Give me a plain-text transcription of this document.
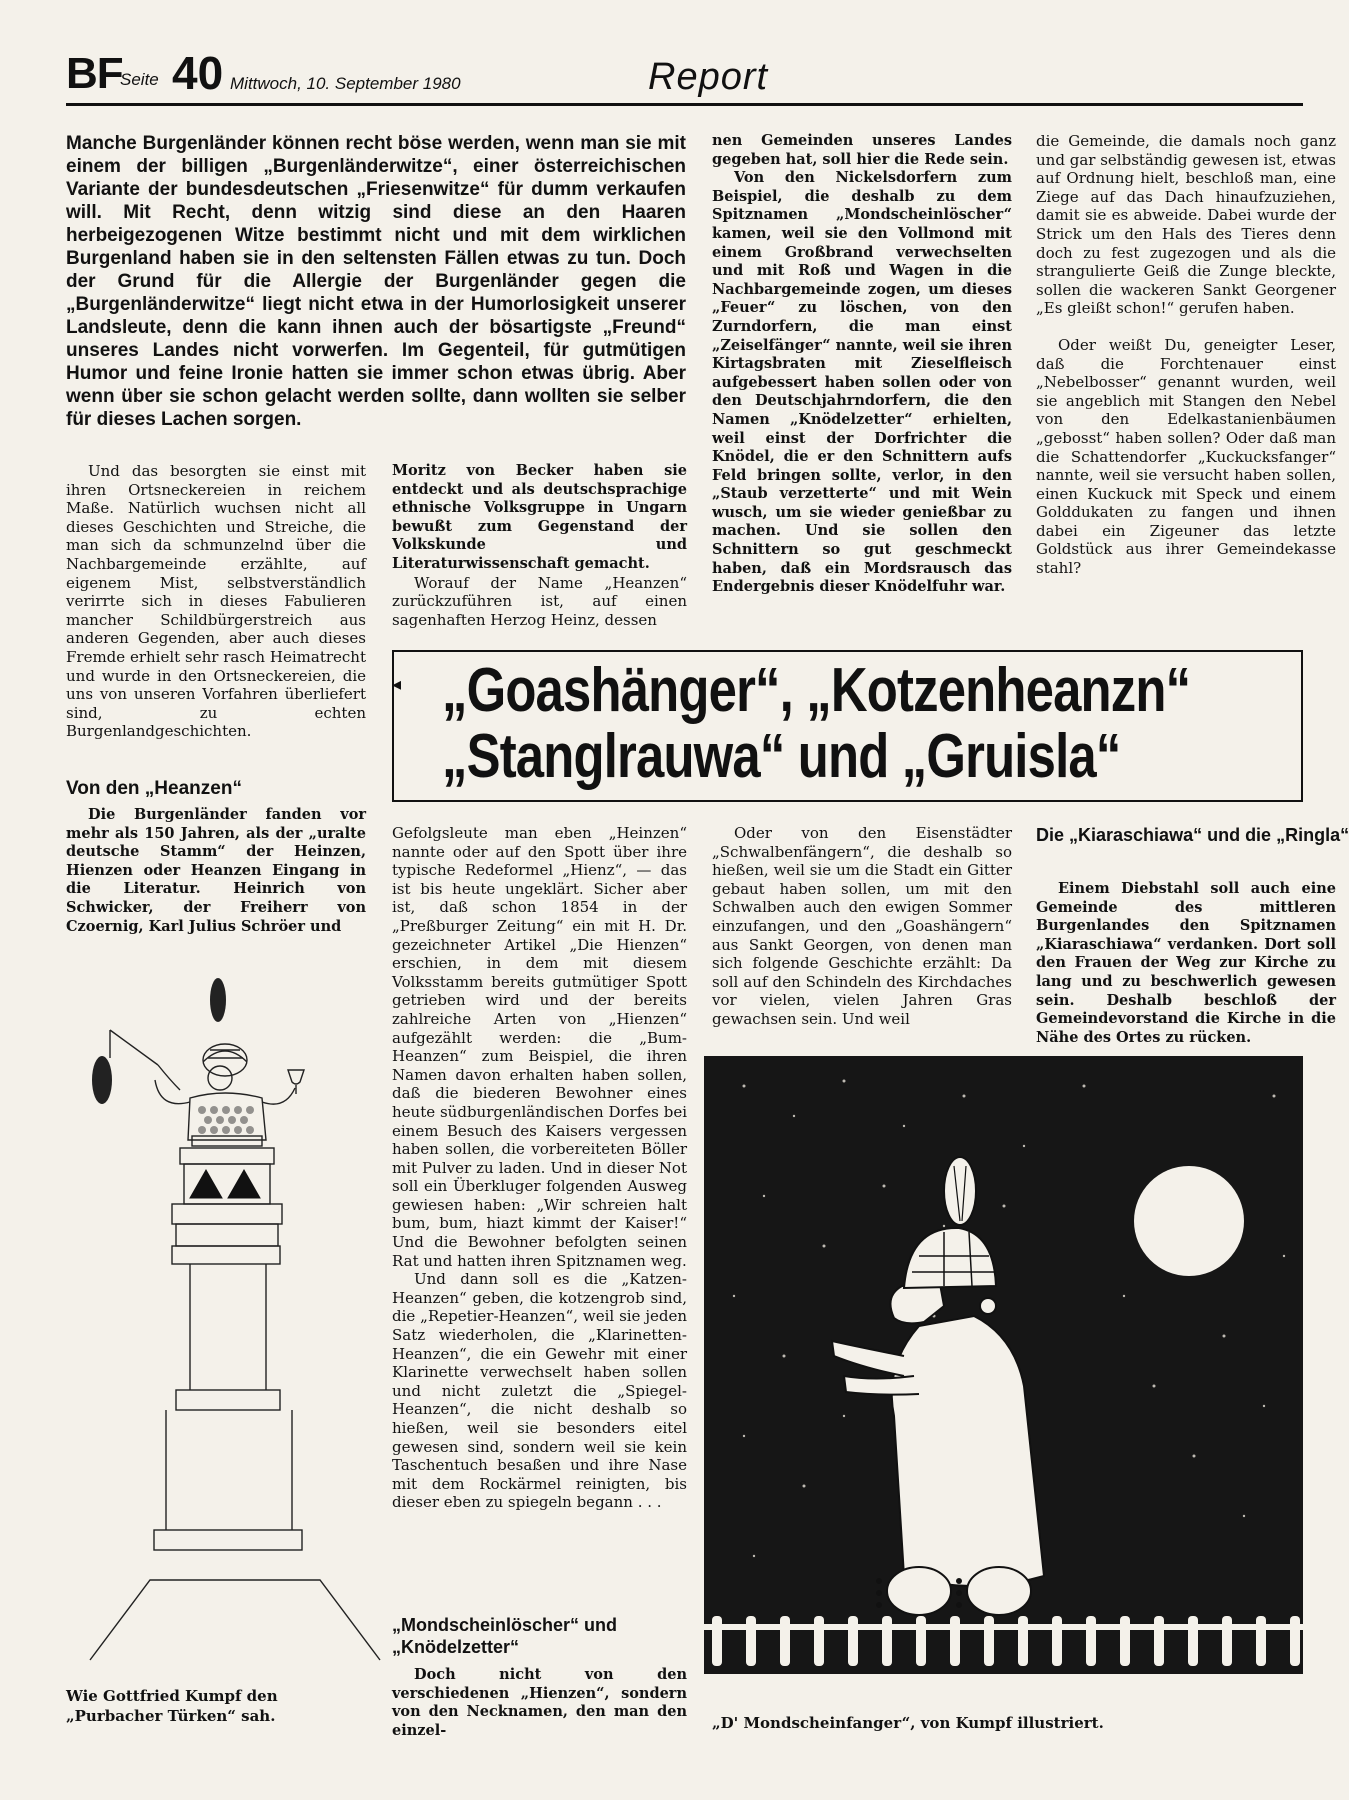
BF
Seite 40 Mittwoch, 10. September 1980	Report

Manche Burgenländer können recht böse werden, wenn man sie mit einem der billigen „Burgenländerwitze“, einer österreichischen Variante der bundesdeutschen „Friesenwitze“ für dumm verkaufen will. Mit Recht, denn witzig sind diese an den Haaren herbeigezogenen Witze bestimmt nicht und mit dem wirklichen Burgenland haben sie in den seltensten Fällen etwas zu tun. Doch der Grund für die Allergie der Burgenländer gegen die „Burgenländerwitze“ liegt nicht etwa in der Humorlosigkeit unserer Landsleute, denn die kann ihnen auch der bösartigste „Freund“ unseres Landes nicht vorwerfen. Im Gegenteil, für gutmütigen Humor und feine Ironie hatten sie immer schon etwas übrig. Aber wenn über sie schon gelacht werden sollte, dann wollten sie selber für dieses Lachen sorgen.

Und das besorgten sie einst mit ihren Ortsneckereien in reichem Maße. Natürlich wuchsen nicht all dieses Geschichten und Streiche, die man sich da schmunzelnd über die Nachbargemeinde erzählte, auf eigenem Mist, selbstverständlich verirrte sich in dieses Fabulieren mancher Schildbürgerstreich aus anderen Gegenden, aber auch dieses Fremde erhielt sehr rasch Heimatrecht und wurde in den Ortsneckereien, die uns von unseren Vorfahren überliefert sind, zu echten Burgenlandgeschichten.

Moritz von Becker haben sie entdeckt und als deutschsprachige ethnische Volksgruppe in Ungarn bewußt zum Gegenstand der Volkskunde und Literaturwissenschaft gemacht.

Worauf der Name „Heanzen“ zurückzuführen ist, auf einen sagenhaften Herzog Heinz, dessen

nen Gemeinden unseres Landes gegeben hat, soll hier die Rede sein.

Von den Nickelsdorfern zum Beispiel, die deshalb zu dem Spitznamen „Mondscheinlöscher“ kamen, weil sie den Vollmond mit einem Großbrand verwechselten und mit Roß und Wagen in die Nachbargemeinde zogen, um dieses „Feuer“ zu löschen, von den Zurndorfern, die man einst „Zeiselfänger“ nannte, weil sie ihren Kirtagsbraten mit Zieselfleisch aufgebessert haben sollen oder von den Deutschjahrndorfern, die den Namen „Knödelzetter“ erhielten, weil einst der Dorfrichter die Knödel, die er den Schnittern aufs Feld bringen sollte, verlor, in den „Staub verzetterte“ und mit Wein wusch, um sie wieder genießbar zu machen. Und sie sollen den Schnittern so gut geschmeckt haben, daß ein Mordsrausch das Endergebnis dieser Knödelfuhr war.

die Gemeinde, die damals noch ganz und gar selbständig gewesen ist, etwas auf Ordnung hielt, beschloß man, eine Ziege auf das Dach hinaufzuziehen, damit sie es abweide. Dabei wurde der Strick um den Hals des Tieres denn doch zu fest zugezogen und als die strangulierte Geiß die Zunge bleckte, sollen die wackeren Sankt Georgener „Es gleißt schon!“ gerufen haben.

Oder weißt Du, geneigter Leser, daß die Forchtenauer einst „Nebelbosser“ genannt wurden, weil sie angeblich mit Stangen den Nebel von den Edelkastanienbäumen „gebosst“ haben sollen? Oder daß man die Schattendorfer „Kuckucksfanger“ nannte, weil sie versucht haben sollen, einen Kuckuck mit Speck und einem Golddukaten zu fangen und ihnen dabei ein Zigeuner das letzte Goldstück aus ihrer Gemeindekasse stahl?

◂ „Goashänger“, „Kotzenheanzn“
„Stanglrauwa“ und „Gruisla“
Von den „Heanzen“

Die Burgenländer fanden vor mehr als 150 Jahren, als der „uralte deutsche Stamm“ der Heinzen, Hienzen oder Heanzen Eingang in die Literatur. Heinrich von Schwicker, der Freiherr von Czoernig, Karl Julius Schröer und

Wie Gottfried Kumpf den „Purbacher Türken“ sah.

Gefolgsleute man eben „Heinzen“ nannte oder auf den Spott über ihre typische Redeformel „Hienz“, — das ist bis heute ungeklärt. Sicher aber ist, daß schon 1854 in der „Preßburger Zeitung“ ein mit H. Dr. gezeichneter Artikel „Die Hienzen“ erschien, in dem mit diesem Volksstamm bereits gutmütiger Spott getrieben wird und der bereits zahlreiche Arten von „Hienzen“ aufgezählt werden: die „Bum-Heanzen“ zum Beispiel, die ihren Namen davon erhalten haben sollen, daß die biederen Bewohner eines heute südburgenländischen Dorfes bei einem Besuch des Kaisers vergessen haben sollen, die vorbereiteten Böller mit Pulver zu laden. Und in dieser Not soll ein Überkluger folgenden Ausweg gewiesen haben: „Wir schreien halt bum, bum, hiazt kimmt der Kaiser!“ Und die Bewohner befolgten seinen Rat und hatten ihren Spitznamen weg.

Und dann soll es die „Katzen-Heanzen“ geben, die kotzengrob sind, die „Repetier-Heanzen“, weil sie jeden Satz wiederholen, die „Klarinetten-Heanzen“, die ein Gewehr mit einer Klarinette verwechselt haben sollen und nicht zuletzt die „Spiegel-Heanzen“, die nicht deshalb so hießen, weil sie besonders eitel gewesen sind, sondern weil sie kein Taschentuch besaßen und ihre Nase mit dem Rockärmel reinigten, bis dieser eben zu spiegeln begann . . .

„Mondscheinlöscher“ und „Knödelzetter“

Doch nicht von den verschiedenen „Hienzen“, sondern von den Necknamen, den man den einzel-

Oder von den Eisenstädter „Schwalbenfängern“, die deshalb so hießen, weil sie um die Stadt ein Gitter gebaut haben sollen, um mit den Schwalben auch den ewigen Sommer einzufangen, und den „Goashängern“ aus Sankt Georgen, von denen man sich folgende Geschichte erzählt: Da soll auf den Schindeln des Kirchdaches vor vielen, vielen Jahren Gras gewachsen sein. Und weil

Die „Kiaraschiawa“ und die „Ringla“

Einem Diebstahl soll auch eine Gemeinde des mittleren Burgenlandes den Spitznamen „Kiaraschiawa“ verdanken. Dort soll den Frauen der Weg zur Kirche zu lang und zu beschwerlich gewesen sein. Deshalb beschloß der Gemeindevorstand die Kirche in die Nähe des Ortes zu rücken.

„D' Mondscheinfanger“, von Kumpf illustriert.
